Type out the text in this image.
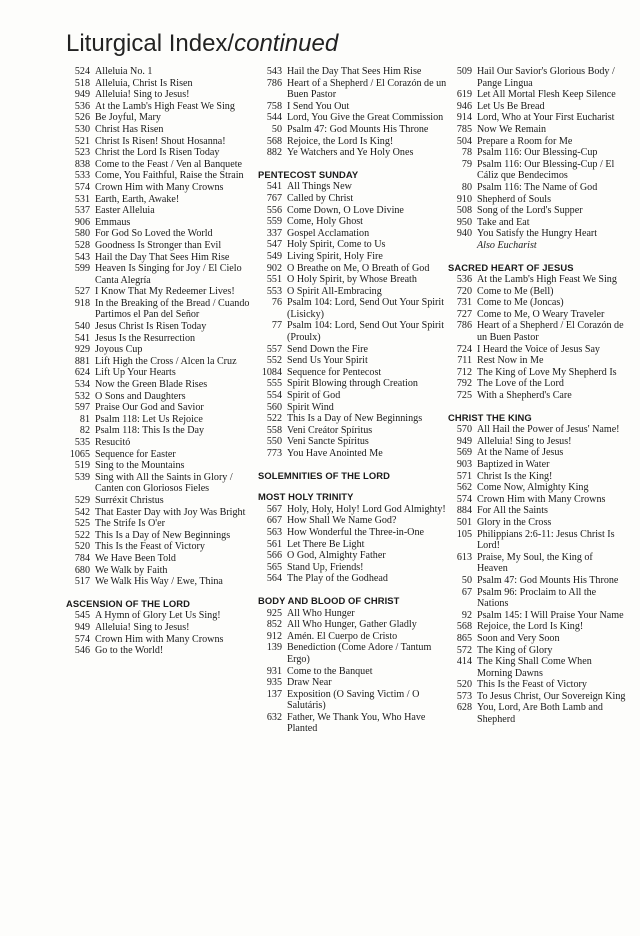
Liturgical Index/continued
524 Alleluia No. 1
518 Alleluia, Christ Is Risen
949 Alleluia! Sing to Jesus!
536 At the Lamb's High Feast We Sing
526 Be Joyful, Mary
530 Christ Has Risen
521 Christ Is Risen! Shout Hosanna!
523 Christ the Lord Is Risen Today
838 Come to the Feast / Ven al Banquete
533 Come, You Faithful, Raise the Strain
574 Crown Him with Many Crowns
531 Earth, Earth, Awake!
537 Easter Alleluia
906 Emmaus
580 For God So Loved the World
528 Goodness Is Stronger than Evil
543 Hail the Day That Sees Him Rise
599 Heaven Is Singing for Joy / El Cielo Canta Alegría
527 I Know That My Redeemer Lives!
918 In the Breaking of the Bread / Cuando Partimos el Pan del Señor
540 Jesus Christ Is Risen Today
541 Jesus Is the Resurrection
929 Joyous Cup
881 Lift High the Cross / Alcen la Cruz
624 Lift Up Your Hearts
534 Now the Green Blade Rises
532 O Sons and Daughters
597 Praise Our God and Savior
81 Psalm 118: Let Us Rejoice
82 Psalm 118: This Is the Day
535 Resucitó
1065 Sequence for Easter
519 Sing to the Mountains
539 Sing with All the Saints in Glory / Canten con Gloriosos Fieles
529 Surréxit Christus
542 That Easter Day with Joy Was Bright
525 The Strife Is O'er
522 This Is a Day of New Beginnings
520 This Is the Feast of Victory
784 We Have Been Told
680 We Walk by Faith
517 We Walk His Way / Ewe, Thina
ASCENSION OF THE LORD
545 A Hymn of Glory Let Us Sing!
949 Alleluia! Sing to Jesus!
574 Crown Him with Many Crowns
546 Go to the World!
543 Hail the Day That Sees Him Rise
786 Heart of a Shepherd / El Corazón de un Buen Pastor
758 I Send You Out
544 Lord, You Give the Great Commission
50 Psalm 47: God Mounts His Throne
568 Rejoice, the Lord Is King!
882 Ye Watchers and Ye Holy Ones
PENTECOST SUNDAY
541 All Things New
767 Called by Christ
556 Come Down, O Love Divine
559 Come, Holy Ghost
337 Gospel Acclamation
547 Holy Spirit, Come to Us
549 Living Spirit, Holy Fire
902 O Breathe on Me, O Breath of God
551 O Holy Spirit, by Whose Breath
553 O Spirit All-Embracing
76 Psalm 104: Lord, Send Out Your Spirit (Lisicky)
77 Psalm 104: Lord, Send Out Your Spirit (Proulx)
557 Send Down the Fire
552 Send Us Your Spirit
1084 Sequence for Pentecost
555 Spirit Blowing through Creation
554 Spirit of God
560 Spirit Wind
522 This Is a Day of New Beginnings
558 Veni Creátor Spíritus
550 Veni Sancte Spíritus
773 You Have Anointed Me
SOLEMNITIES OF THE LORD
MOST HOLY TRINITY
567 Holy, Holy, Holy! Lord God Almighty!
667 How Shall We Name God?
563 How Wonderful the Three-in-One
561 Let There Be Light
566 O God, Almighty Father
565 Stand Up, Friends!
564 The Play of the Godhead
BODY AND BLOOD OF CHRIST
925 All Who Hunger
852 All Who Hunger, Gather Gladly
912 Amén. El Cuerpo de Cristo
139 Benediction (Come Adore / Tantum Ergo)
931 Come to the Banquet
935 Draw Near
137 Exposition (O Saving Victim / O Salutáris)
632 Father, We Thank You, Who Have Planted
509 Hail Our Savior's Glorious Body / Pange Lingua
619 Let All Mortal Flesh Keep Silence
946 Let Us Be Bread
914 Lord, Who at Your First Eucharist
785 Now We Remain
504 Prepare a Room for Me
78 Psalm 116: Our Blessing-Cup
79 Psalm 116: Our Blessing-Cup / El Cáliz que Bendecimos
80 Psalm 116: The Name of God
910 Shepherd of Souls
508 Song of the Lord's Supper
950 Take and Eat
940 You Satisfy the Hungry Heart
Also Eucharist
SACRED HEART OF JESUS
536 At the Lamb's High Feast We Sing
720 Come to Me (Bell)
731 Come to Me (Joncas)
727 Come to Me, O Weary Traveler
786 Heart of a Shepherd / El Corazón de un Buen Pastor
724 I Heard the Voice of Jesus Say
711 Rest Now in Me
712 The King of Love My Shepherd Is
792 The Love of the Lord
725 With a Shepherd's Care
CHRIST THE KING
570 All Hail the Power of Jesus' Name!
949 Alleluia! Sing to Jesus!
569 At the Name of Jesus
903 Baptized in Water
571 Christ Is the King!
562 Come Now, Almighty King
574 Crown Him with Many Crowns
884 For All the Saints
501 Glory in the Cross
105 Philippians 2:6-11: Jesus Christ Is Lord!
613 Praise, My Soul, the King of Heaven
50 Psalm 47: God Mounts His Throne
67 Psalm 96: Proclaim to All the Nations
92 Psalm 145: I Will Praise Your Name
568 Rejoice, the Lord Is King!
865 Soon and Very Soon
572 The King of Glory
414 The King Shall Come When Morning Dawns
520 This Is the Feast of Victory
573 To Jesus Christ, Our Sovereign King
628 You, Lord, Are Both Lamb and Shepherd
